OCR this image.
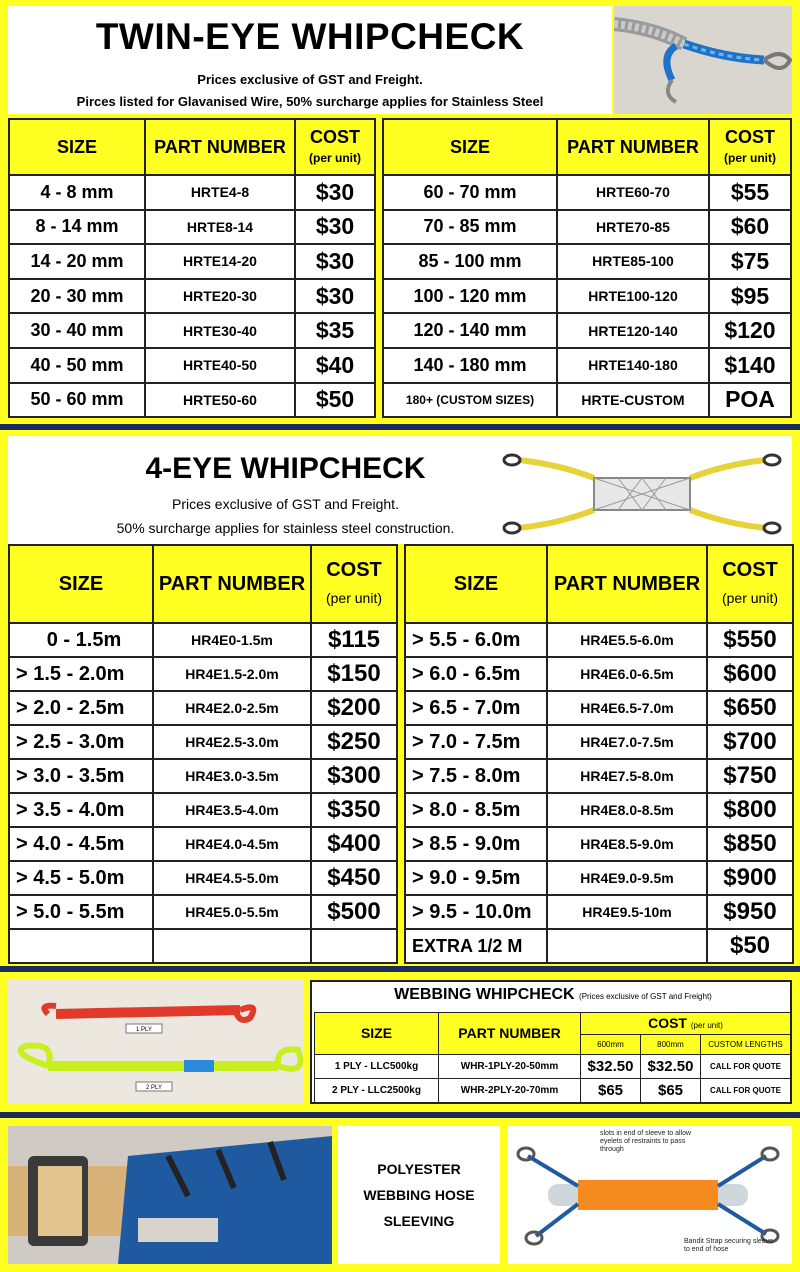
TWIN-EYE WHIPCHECK
Prices exclusive of GST and Freight.
Pirces listed for Glavanised Wire, 50% surcharge applies for Stainless Steel
SIZE	PART NUMBER	COST
(per unit)
4 - 8 mm	HRTE4-8	$30
8 - 14 mm	HRTE8-14	$30
14 - 20 mm	HRTE14-20	$30
20 - 30 mm	HRTE20-30	$30
30 - 40 mm	HRTE30-40	$35
40 - 50 mm	HRTE40-50	$40
50 - 60 mm	HRTE50-60	$50
SIZE	PART NUMBER	COST
(per unit)
60 - 70 mm	HRTE60-70	$55
70 - 85 mm	HRTE70-85	$60
85 - 100 mm	HRTE85-100	$75
100 - 120 mm	HRTE100-120	$95
120 - 140 mm	HRTE120-140	$120
140 - 180 mm	HRTE140-180	$140
180+ (CUSTOM SIZES)	HRTE-CUSTOM	POA
4-EYE WHIPCHECK
Prices exclusive of GST and Freight.
50% surcharge applies for stainless steel construction.
SIZE	PART NUMBER	COST
(per unit)
0 - 1.5m	HR4E0-1.5m	$115
> 1.5 - 2.0m	HR4E1.5-2.0m	$150
> 2.0 - 2.5m	HR4E2.0-2.5m	$200
> 2.5 - 3.0m	HR4E2.5-3.0m	$250
> 3.0 - 3.5m	HR4E3.0-3.5m	$300
> 3.5 - 4.0m	HR4E3.5-4.0m	$350
> 4.0 - 4.5m	HR4E4.0-4.5m	$400
> 4.5 - 5.0m	HR4E4.5-5.0m	$450
> 5.0 - 5.5m	HR4E5.0-5.5m	$500

SIZE	PART NUMBER	COST
(per unit)
> 5.5 - 6.0m	HR4E5.5-6.0m	$550
> 6.0 - 6.5m	HR4E6.0-6.5m	$600
> 6.5 - 7.0m	HR4E6.5-7.0m	$650
> 7.0 - 7.5m	HR4E7.0-7.5m	$700
> 7.5 - 8.0m	HR4E7.5-8.0m	$750
> 8.0 - 8.5m	HR4E8.0-8.5m	$800
> 8.5 - 9.0m	HR4E8.5-9.0m	$850
> 9.0 - 9.5m	HR4E9.0-9.5m	$900
> 9.5 - 10.0m	HR4E9.5-10m	$950
EXTRA 1/2 M		$50
1 PLY
2 PLY
WEBBING WHIPCHECK (Prices exclusive of GST and Freight)
SIZE	PART NUMBER	COST (per unit)		
		600mm	800mm	CUSTOM LENGTHS
1 PLY - LLC500kg	WHR-1PLY-20-50mm	$32.50	$32.50	CALL FOR QUOTE
2 PLY - LLC2500kg	WHR-2PLY-20-70mm	$65	$65	CALL FOR QUOTE
POLYESTER
WEBBING HOSE
SLEEVING
slots in end of sleeve to allow eyelets of restraints to pass through
Bandit Strap securing sleeve to end of hose
